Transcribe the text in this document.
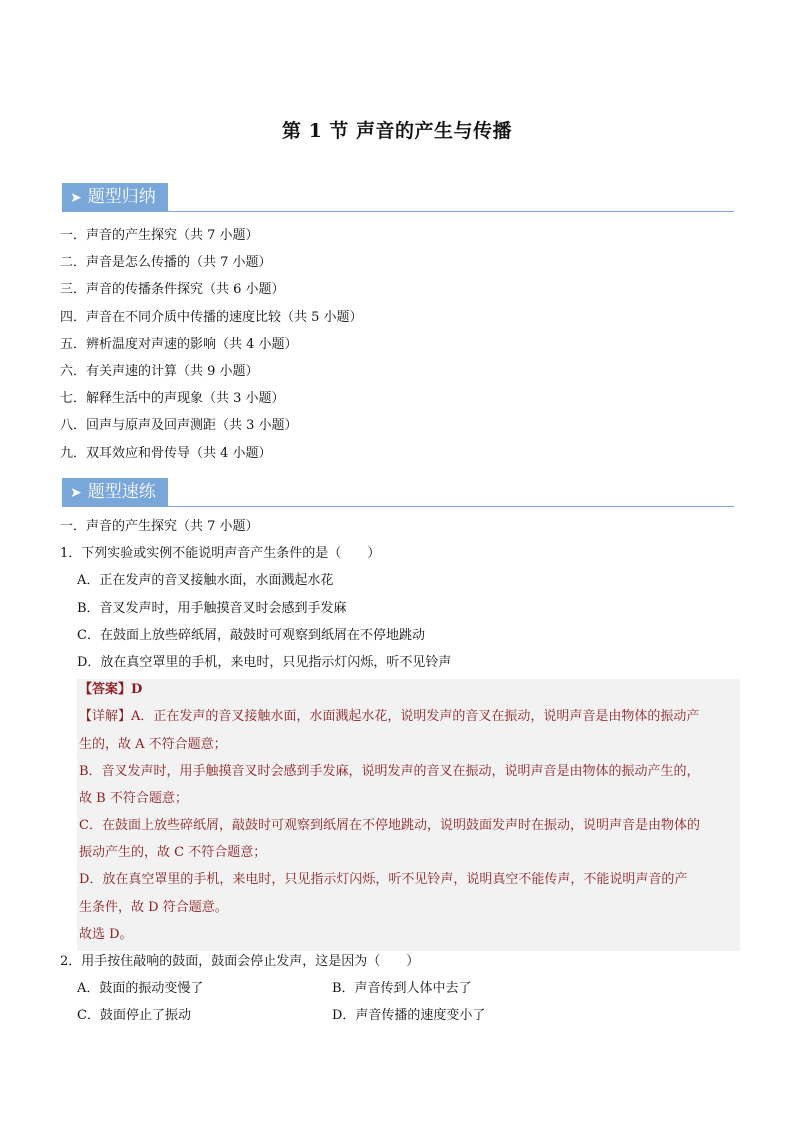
第 1 节 声音的产生与传播
➤ 题型归纳
一．声音的产生探究（共 7 小题）
二．声音是怎么传播的（共 7 小题）
三．声音的传播条件探究（共 6 小题）
四．声音在不同介质中传播的速度比较（共 5 小题）
五．辨析温度对声速的影响（共 4 小题）
六．有关声速的计算（共 9 小题）
七．解释生活中的声现象（共 3 小题）
八．回声与原声及回声测距（共 3 小题）
九．双耳效应和骨传导（共 4 小题）
➤ 题型速练
一．声音的产生探究（共 7 小题）
1．下列实验或实例不能说明声音产生条件的是（　　）
A．正在发声的音叉接触水面，水面溅起水花
B．音叉发声时，用手触摸音叉时会感到手发麻
C．在鼓面上放些碎纸屑，敲鼓时可观察到纸屑在不停地跳动
D．放在真空罩里的手机，来电时，只见指示灯闪烁，听不见铃声
【答案】D
【详解】A．正在发声的音叉接触水面，水面溅起水花，说明发声的音叉在振动，说明声音是由物体的振动产
生的，故 A 不符合题意；
B．音叉发声时，用手触摸音叉时会感到手发麻，说明发声的音叉在振动，说明声音是由物体的振动产生的，
故 B 不符合题意；
C．在鼓面上放些碎纸屑，敲鼓时可观察到纸屑在不停地跳动，说明鼓面发声时在振动，说明声音是由物体的
振动产生的，故 C 不符合题意；
D．放在真空罩里的手机，来电时，只见指示灯闪烁，听不见铃声，说明真空不能传声，不能说明声音的产
生条件，故 D 符合题意。
故选 D。
2．用手按住敲响的鼓面，鼓面会停止发声，这是因为（　　）
A．鼓面的振动变慢了	B．声音传到人体中去了
C．鼓面停止了振动	D．声音传播的速度变小了
